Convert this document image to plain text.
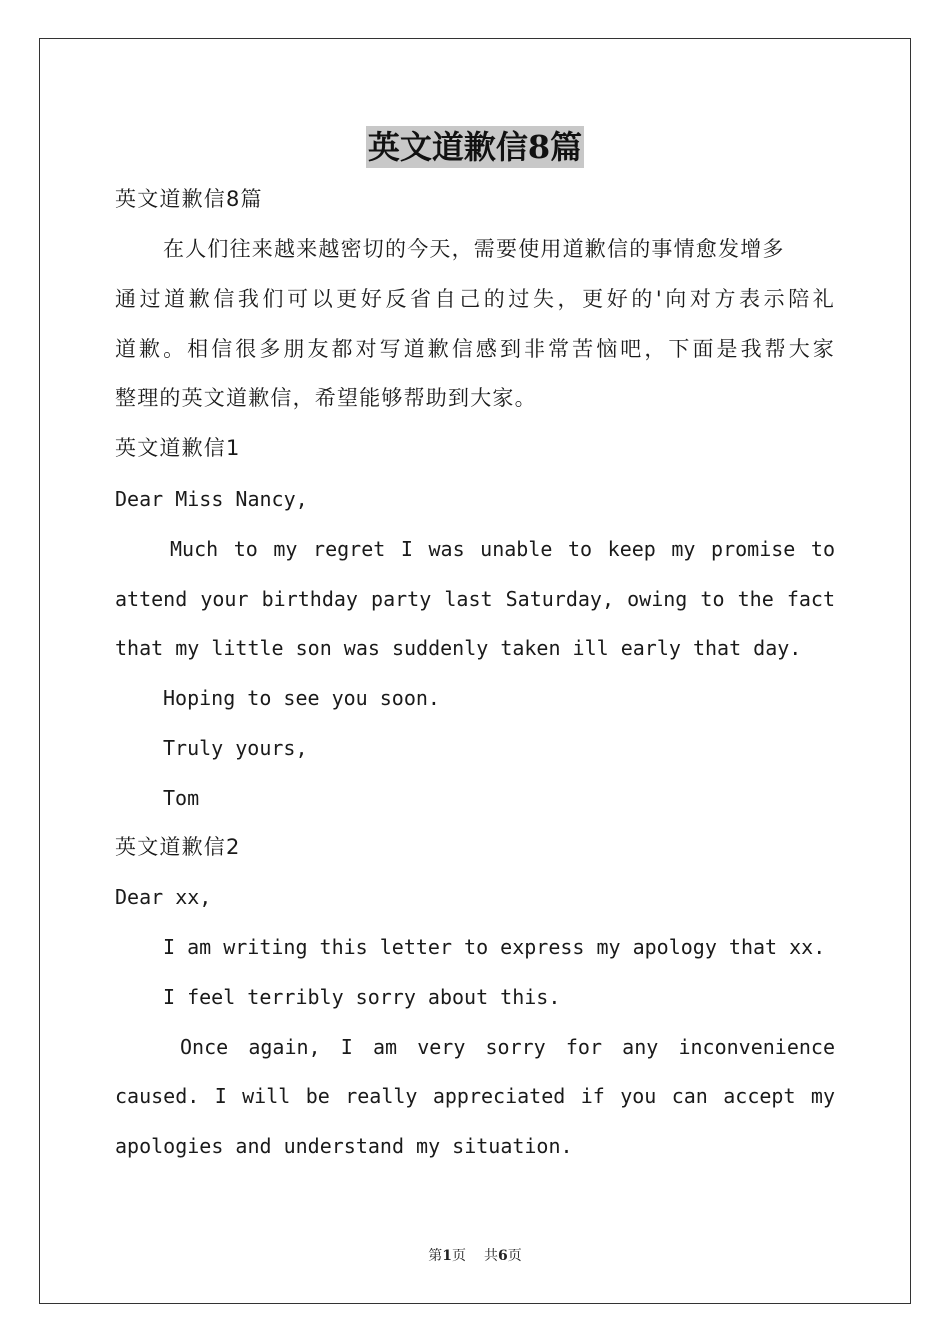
英文道歉信8篇
英文道歉信8篇
在人们往来越来越密切的今天，需要使用道歉信的事情愈发增多
通过道歉信我们可以更好反省自己的过失，更好的'向对方表示陪礼
道歉。相信很多朋友都对写道歉信感到非常苦恼吧，下面是我帮大家
整理的英文道歉信，希望能够帮助到大家。
英文道歉信1
Dear Miss Nancy,
Much to my regret I was unable to keep my promise to
attend your birthday party last Saturday, owing to the fact
that my little son was suddenly taken ill early that day.
Hoping to see you soon.
Truly yours,
Tom
英文道歉信2
Dear xx,
I am writing this letter to express my apology that xx.
I feel terribly sorry about this.
Once again, I am very sorry for any inconvenience
caused. I will be really appreciated if you can accept my
apologies and understand my situation.
第1页 共6页
